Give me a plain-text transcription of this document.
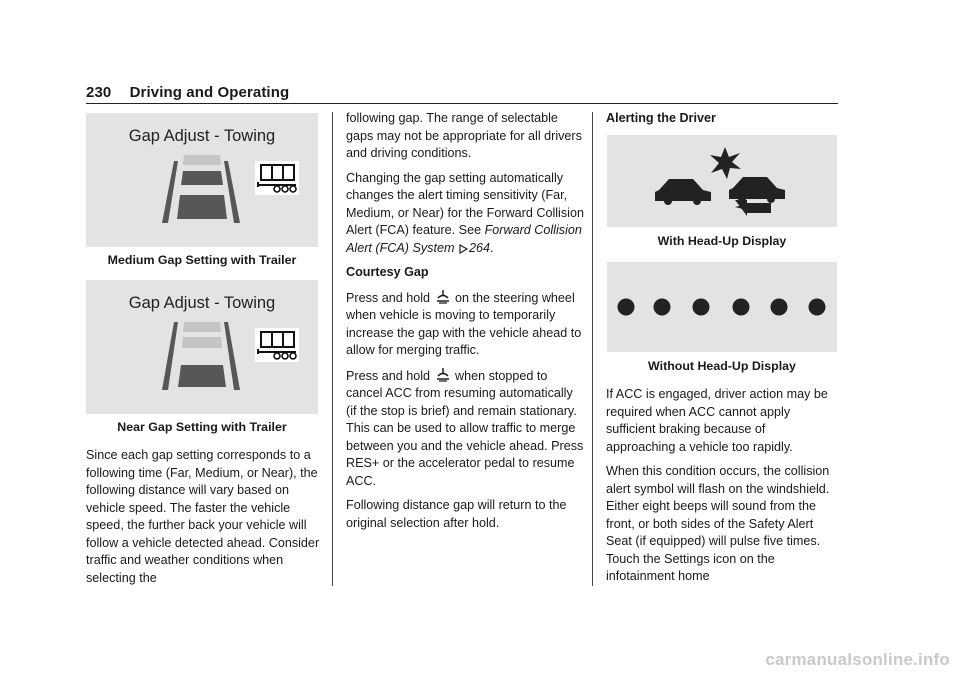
230 Driving and Operating
Gap Adjust - Towing
Medium Gap Setting with Trailer
Gap Adjust - Towing
Near Gap Setting with Trailer

Since each gap setting corresponds to a following time (Far, Medium, or Near), the following distance will vary based on vehicle speed. The faster the vehicle speed, the further back your vehicle will follow a vehicle detected ahead. Consider traffic and weather conditions when selecting the

following gap. The range of selectable gaps may not be appropriate for all drivers and driving conditions.

Changing the gap setting automatically changes the alert timing sensitivity (Far, Medium, or Near) for the Forward Collision Alert (FCA) feature. See Forward Collision Alert (FCA) System 264.

Courtesy Gap

Press and hold on the steering wheel when vehicle is moving to temporarily increase the gap with the vehicle ahead to allow for merging traffic.

Press and hold when stopped to cancel ACC from resuming automatically (if the stop is brief) and remain stationary. This can be used to allow traffic to merge between you and the vehicle ahead. Press RES+ or the accelerator pedal to resume ACC.

Following distance gap will return to the original selection after hold.

Alerting the Driver
With Head-Up Display
Without Head-Up Display

If ACC is engaged, driver action may be required when ACC cannot apply sufficient braking because of approaching a vehicle too rapidly.

When this condition occurs, the collision alert symbol will flash on the windshield. Either eight beeps will sound from the front, or both sides of the Safety Alert Seat (if equipped) will pulse five times. Touch the Settings icon on the infotainment home

carmanualsonline.info
